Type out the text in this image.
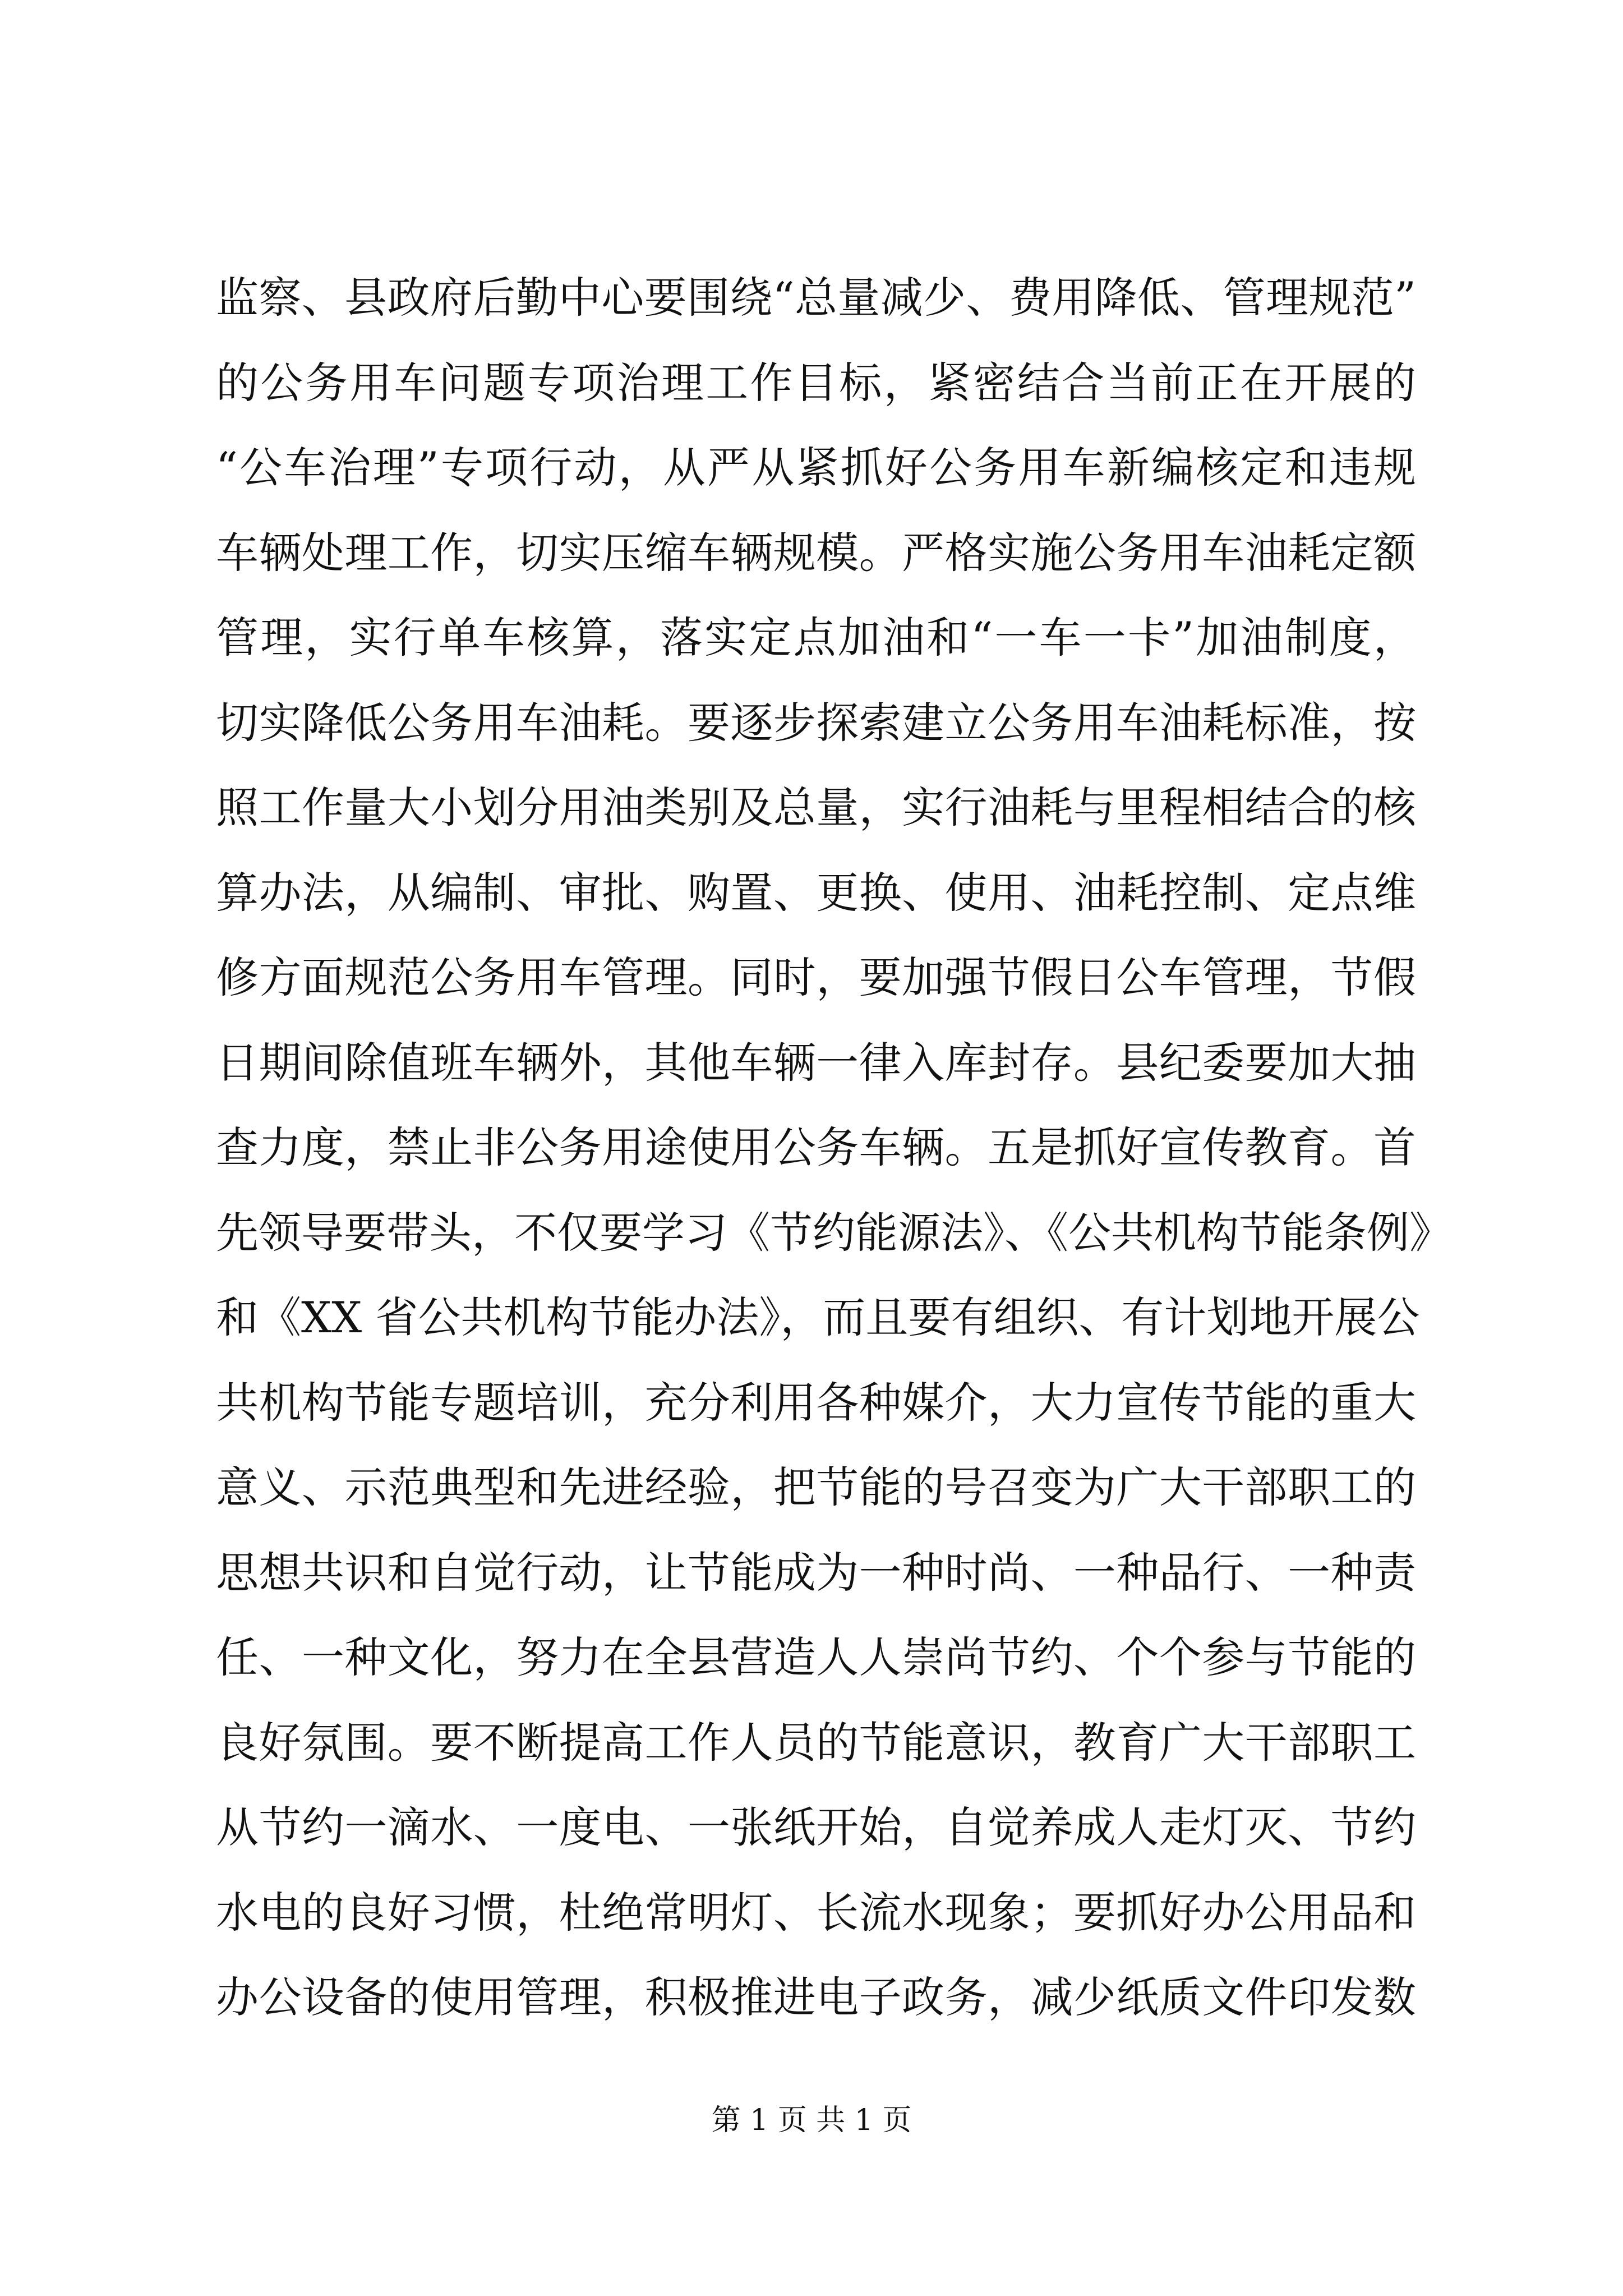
监察、县政府后勤中心要围绕“总量减少、费用降低、管理规范”
的公务用车问题专项治理工作目标，紧密结合当前正在开展的
“公车治理”专项行动，从严从紧抓好公务用车新编核定和违规
车辆处理工作，切实压缩车辆规模。严格实施公务用车油耗定额
管理，实行单车核算，落实定点加油和“一车一卡”加油制度，
切实降低公务用车油耗。要逐步探索建立公务用车油耗标准，按
照工作量大小划分用油类别及总量，实行油耗与里程相结合的核
算办法，从编制、审批、购置、更换、使用、油耗控制、定点维
修方面规范公务用车管理。同时，要加强节假日公车管理，节假
日期间除值班车辆外，其他车辆一律入库封存。县纪委要加大抽
查力度，禁止非公务用途使用公务车辆。五是抓好宣传教育。首
先领导要带头，不仅要学习《节约能源法》、《公共机构节能条例》
和《XX 省公共机构节能办法》，而且要有组织、有计划地开展公
共机构节能专题培训，充分利用各种媒介，大力宣传节能的重大
意义、示范典型和先进经验，把节能的号召变为广大干部职工的
思想共识和自觉行动，让节能成为一种时尚、一种品行、一种责
任、一种文化，努力在全县营造人人崇尚节约、个个参与节能的
良好氛围。要不断提高工作人员的节能意识，教育广大干部职工
从节约一滴水、一度电、一张纸开始，自觉养成人走灯灭、节约
水电的良好习惯，杜绝常明灯、长流水现象；要抓好办公用品和
办公设备的使用管理，积极推进电子政务，减少纸质文件印发数
第 1 页 共 1 页
